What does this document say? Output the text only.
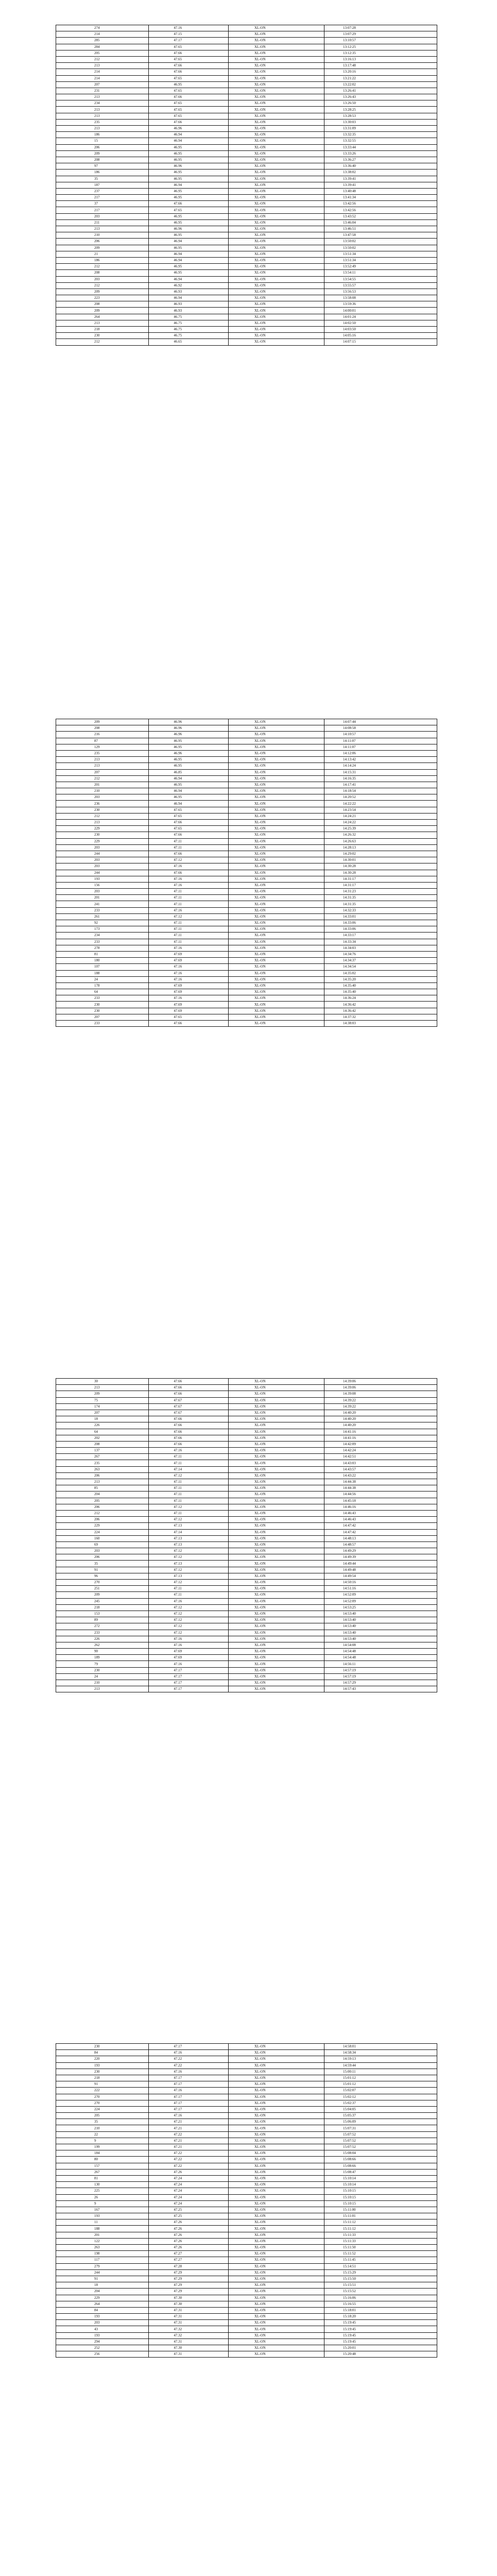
274	47.16	XL-ON	13:07:28
214	47.15	XL-ON	13:07:29
285	47.17	XL-ON	13:10:57
284	47.65	XL-ON	13:12:25
205	47.66	XL-ON	13:12:35
212	47.65	XL-ON	13:16:13
213	47.66	XL-ON	13:17:48
214	47.66	XL-ON	13:20:16
214	47.65	XL-ON	13:21:22
207	46.95	XL-ON	13:22:02
231	47.65	XL-ON	13:26:41
213	47.66	XL-ON	13:26:43
234	47.65	XL-ON	13:26:50
213	47.65	XL-ON	13:28:25
213	47.65	XL-ON	13:28:53
235	47.66	XL-ON	13:30:03
213	46.96	XL-ON	13:31:09
186	46.94	XL-ON	13:32:35
15	46.94	XL-ON	13:32:55
206	46.95	XL-ON	13:33:44
209	46.95	XL-ON	13:33:26
208	46.95	XL-ON	13:36:27
97	46.96	XL-ON	13:36:40
186	46.95	XL-ON	13:38:02
35	46.95	XL-ON	13:39:41
187	46.94	XL-ON	13:39:41
237	46.95	XL-ON	13:40:48
217	46.95	XL-ON	13:41:34
37	47.66	XL-ON	13:42:56
217	47.65	XL-ON	13:42:56
203	46.95	XL-ON	13:43:52
211	46.95	XL-ON	13:46:04
213	46.96	XL-ON	13:46:51
210	46.95	XL-ON	13:47:58
206	46.94	XL-ON	13:50:02
209	46.95	XL-ON	13:50:02
21	46.94	XL-ON	13:51:34
186	46.94	XL-ON	13:51:34
212	46.95	XL-ON	13:52:49
208	46.95	XL-ON	13:54:11
203	46.94	XL-ON	13:54:55
212	46.92	XL-ON	13:55:57
209	46.93	XL-ON	13:56:53
223	46.94	XL-ON	13:58:08
208	46.93	XL-ON	13:59:36
209	46.93	XL-ON	14:00:01
264	46.75	XL-ON	14:01:24
213	46.75	XL-ON	14:02:50
218	46.75	XL-ON	14:03:50
230	46.75	XL-ON	14:05:16
212	46.65	XL-ON	14:07:15
209	46.96	XL-ON	14:07:44
208	46.96	XL-ON	14:08:58
216	46.96	XL-ON	14:10:57
87	46.95	XL-ON	14:11:07
129	46.95	XL-ON	14:11:07
235	46.96	XL-ON	14:12:06
213	46.95	XL-ON	14:13:42
213	46.95	XL-ON	14:14:24
207	46.85	XL-ON	14:15:31
212	46.94	XL-ON	14:16:35
201	46.95	XL-ON	14:17:41
210	46.94	XL-ON	14:18:54
203	46.95	XL-ON	14:20:52
236	46.94	XL-ON	14:22:22
230	47.65	XL-ON	14:23:54
212	47.65	XL-ON	14:24:21
213	47.66	XL-ON	14:24:22
229	47.65	XL-ON	14:25:39
230	47.66	XL-ON	14:26:32
229	47.11	XL-ON	14:26:63
203	47.11	XL-ON	14:28:13
244	47.66	XL-ON	14:29:02
203	47.12	XL-ON	14:30:01
203	47.16	XL-ON	14:30:28
244	47.66	XL-ON	14:30:28
193	47.16	XL-ON	14:31:17
156	47.16	XL-ON	14:31:17
203	47.11	XL-ON	14:31:23
201	47.11	XL-ON	14:31:35
241	47.11	XL-ON	14:31:35
233	47.16	XL-ON	14:32:33
261	47.12	XL-ON	14:33:01
92	47.11	XL-ON	14:33:06
173	47.11	XL-ON	14:33:06
234	47.11	XL-ON	14:33:17
233	47.11	XL-ON	14:33:34
278	47.16	XL-ON	14:34:03
81	47.69	XL-ON	14:34:76
180	47.69	XL-ON	14:34:37
107	47.16	XL-ON	14:34:54
188	47.16	XL-ON	14:35:02
24	47.16	XL-ON	14:35:20
178	47.69	XL-ON	14:35:40
64	47.69	XL-ON	14:35:40
233	47.16	XL-ON	14:36:24
230	47.69	XL-ON	14:36:42
230	47.69	XL-ON	14:36:42
207	47.65	XL-ON	14:37:32
233	47.66	XL-ON	14:38:03
30	47.66	XL-ON	14:39:06
213	47.66	XL-ON	14:39:06
209	47.66	XL-ON	14:39:08
75	47.67	XL-ON	14:39:22
174	47.67	XL-ON	14:39:22
207	47.67	XL-ON	14:40:20
18	47.66	XL-ON	14:40:20
226	47.66	XL-ON	14:40:20
64	47.66	XL-ON	14:41:16
202	47.66	XL-ON	14:41:16
208	47.66	XL-ON	14:42:09
137	47.16	XL-ON	14:42:24
267	47.11	XL-ON	14:42:51
235	47.11	XL-ON	14:43:03
263	47.14	XL-ON	14:43:57
206	47.12	XL-ON	14:43:22
213	47.11	XL-ON	14:44:38
85	47.11	XL-ON	14:44:38
204	47.11	XL-ON	14:44:56
205	47.11	XL-ON	14:45:18
206	47.12	XL-ON	14:46:16
212	47.11	XL-ON	14:46:43
206	47.12	XL-ON	14:46:43
229	47.13	XL-ON	14:47:42
224	47.14	XL-ON	14:47:42
160	47.13	XL-ON	14:48:13
69	47.13	XL-ON	14:48:57
203	47.12	XL-ON	14:49:29
206	47.12	XL-ON	14:49:39
35	47.13	XL-ON	14:49:44
91	47.12	XL-ON	14:49:48
96	47.13	XL-ON	14:49:54
270	47.12	XL-ON	14:50:16
251	47.11	XL-ON	14:51:16
209	47.11	XL-ON	14:52:09
245	47.16	XL-ON	14:52:09
218	47.12	XL-ON	14:53:25
153	47.12	XL-ON	14:53:40
89	47.12	XL-ON	14:53:40
272	47.12	XL-ON	14:53:40
233	47.12	XL-ON	14:53:40
226	47.16	XL-ON	14:53:40
262	47.16	XL-ON	14:54:08
90	47.69	XL-ON	14:54:48
189	47.69	XL-ON	14:54:48
79	47.16	XL-ON	14:56:11
230	47.17	XL-ON	14:57:19
24	47.17	XL-ON	14:57:19
210	47.17	XL-ON	14:57:29
213	47.17	XL-ON	14:57:43
230	47.17	XL-ON	14:58:01
84	47.16	XL-ON	14:58:34
220	47.22	XL-ON	14:59:13
193	47.22	XL-ON	14:59:44
230	47.16	XL-ON	15:00:11
218	47.17	XL-ON	15:01:12
91	47.17	XL-ON	15:01:12
222	47.16	XL-ON	15:02:07
270	47.17	XL-ON	15:02:12
270	47.17	XL-ON	15:02:37
224	47.17	XL-ON	15:04:05
205	47.16	XL-ON	15:05:37
35	47.21	XL-ON	15:06:09
210	47.21	XL-ON	15:07:31
22	47.22	XL-ON	15:07:52
9	47.21	XL-ON	15:07:52
199	47.21	XL-ON	15:07:52
184	47.22	XL-ON	15:08:04
80	47.22	XL-ON	15:08:66
157	47.22	XL-ON	15:08:66
267	47.26	XL-ON	15:08:47
81	47.24	XL-ON	15:10:14
130	47.24	XL-ON	15:10:14
225	47.24	XL-ON	15:10:15
26	47.24	XL-ON	15:10:15
9	47.24	XL-ON	15:10:15
167	47.25	XL-ON	15:11:00
193	47.25	XL-ON	15:11:01
11	47.26	XL-ON	15:11:12
188	47.26	XL-ON	15:11:12
201	47.26	XL-ON	15:11:33
122	47.26	XL-ON	15:11:33
263	47.26	XL-ON	15:11:50
198	47.27	XL-ON	15:11:52
117	47.27	XL-ON	15:11:45
279	47.28	XL-ON	15:14:51
244	47.29	XL-ON	15:15:29
91	47.29	XL-ON	15:15:50
18	47.29	XL-ON	15:15:51
204	47.29	XL-ON	15:15:52
229	47.30	XL-ON	15:16:06
264	47.30	XL-ON	15:16:55
84	47.31	XL-ON	15:18:01
193	47.31	XL-ON	15:18:20
203	47.31	XL-ON	15:19:45
43	47.32	XL-ON	15:19:45
193	47.32	XL-ON	15:19:45
294	47.31	XL-ON	15:19:45
252	47.30	XL-ON	15:20:01
256	47.31	XL-ON	15:20:48
